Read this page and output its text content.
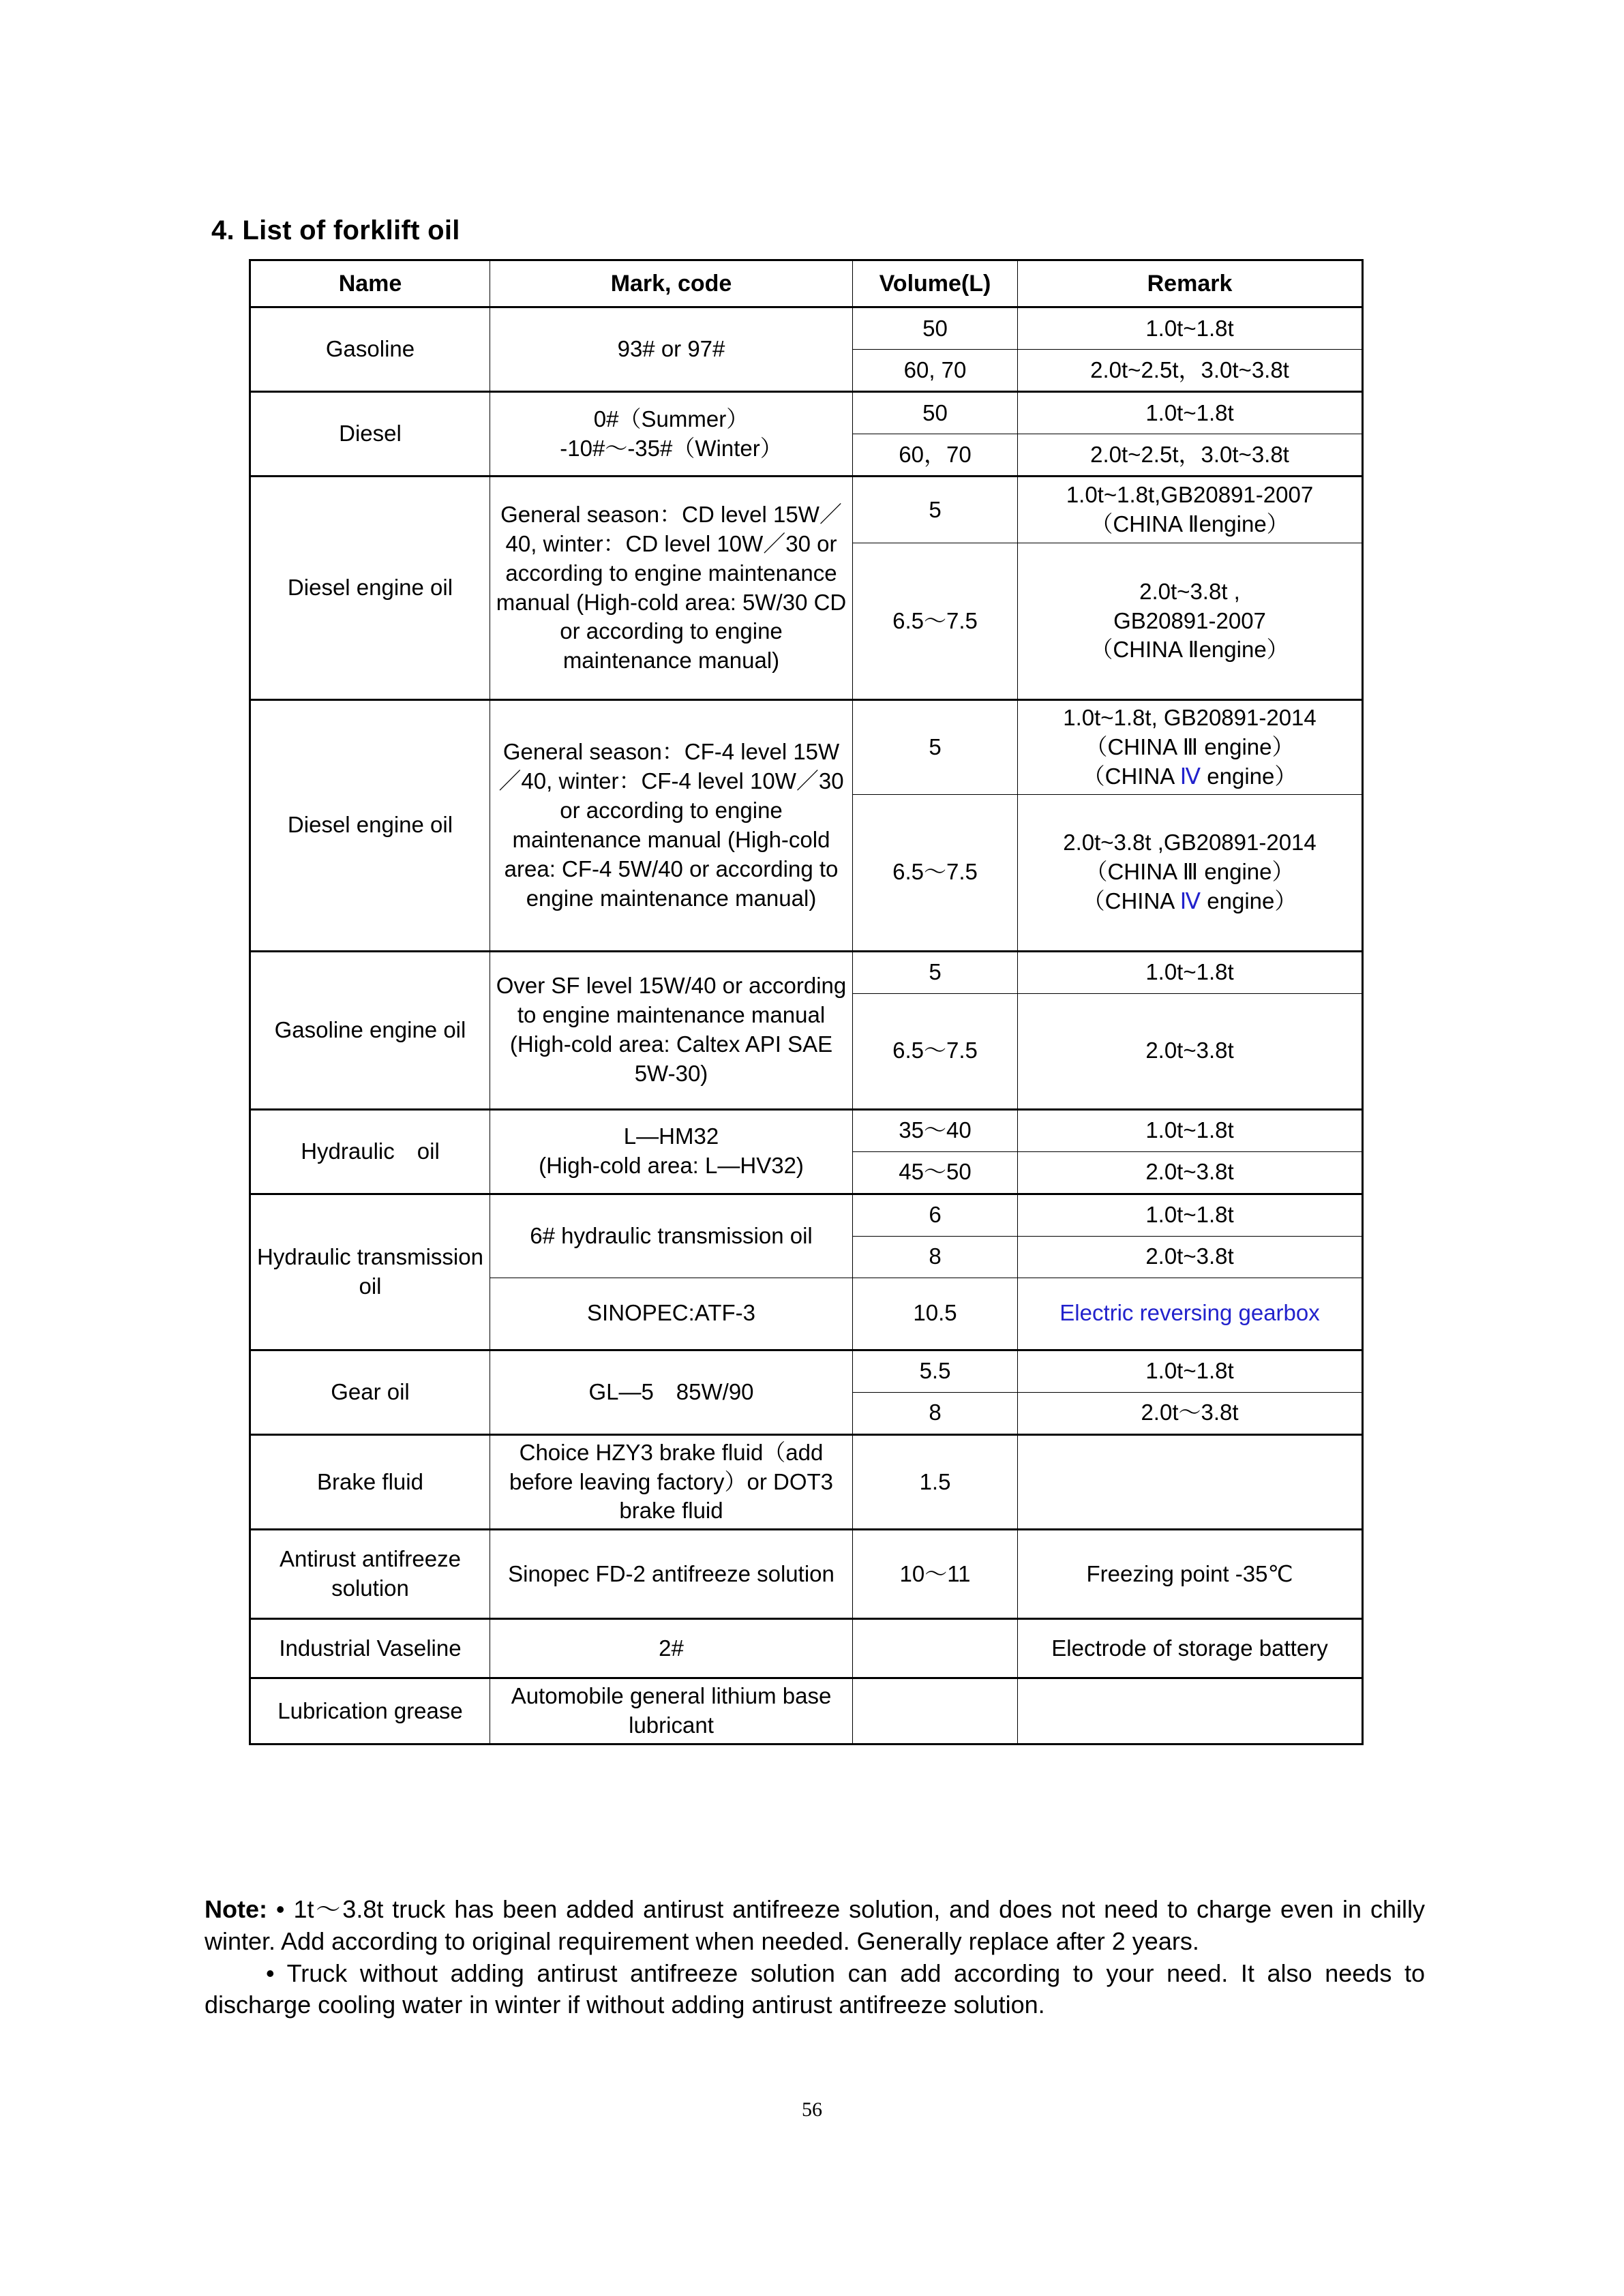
4. List of forklift oil
Name	Mark, code	Volume(L)	Remark
Gasoline	93# or 97#	50	1.0t~1.8t
		60, 70	2.0t~2.5t，3.0t~3.8t
Diesel	0#（Summer）
-10#〜-35#（Winter）	50	1.0t~1.8t
		60，70	2.0t~2.5t，3.0t~3.8t
Diesel engine oil	General season：CD level 15W／40, winter：CD level 10W／30 or according to engine maintenance manual (High-cold area: 5W/30 CD or according to engine maintenance manual)	5	1.0t~1.8t,GB20891-2007
（CHINA Ⅱengine）
		6.5〜7.5	2.0t~3.8t ,
GB20891-2007
（CHINA Ⅱengine）
Diesel engine oil	General season：CF-4 level 15W／40, winter：CF-4 level 10W／30 or according to engine maintenance manual (High-cold area: CF-4 5W/40 or according to engine maintenance manual)	5	1.0t~1.8t, GB20891-2014
（CHINA Ⅲ engine）
（CHINA Ⅳ engine）
		6.5〜7.5	2.0t~3.8t ,GB20891-2014
（CHINA Ⅲ engine）
（CHINA Ⅳ engine）
Gasoline engine oil	Over SF level 15W/40 or according to engine maintenance manual (High-cold area: Caltex API SAE　5W-30)	5	1.0t~1.8t
		6.5〜7.5	2.0t~3.8t
Hydraulic　oil	L—HM32
(High-cold area: L—HV32)	35〜40	1.0t~1.8t
		45〜50	2.0t~3.8t
Hydraulic transmission oil	6# hydraulic transmission oil	6	1.0t~1.8t
		8	2.0t~3.8t
	SINOPEC:ATF-3	10.5	Electric reversing gearbox
Gear oil	GL—5　85W/90	5.5	1.0t~1.8t
		8	2.0t〜3.8t
Brake fluid	Choice HZY3 brake fluid（add before leaving factory）or DOT3 brake fluid	1.5	
Antirust antifreeze solution	Sinopec FD-2 antifreeze solution	10〜11	Freezing point -35℃
Industrial Vaseline	2#		Electrode of storage battery
Lubrication grease	Automobile general lithium base lubricant		

Note: • 1t〜3.8t truck has been added antirust antifreeze solution, and does not need to charge even in chilly winter. Add according to original requirement when needed. Generally replace after 2 years.

• Truck without adding antirust antifreeze solution can add according to your need. It also needs to discharge cooling water in winter if without adding antirust antifreeze solution.

56
